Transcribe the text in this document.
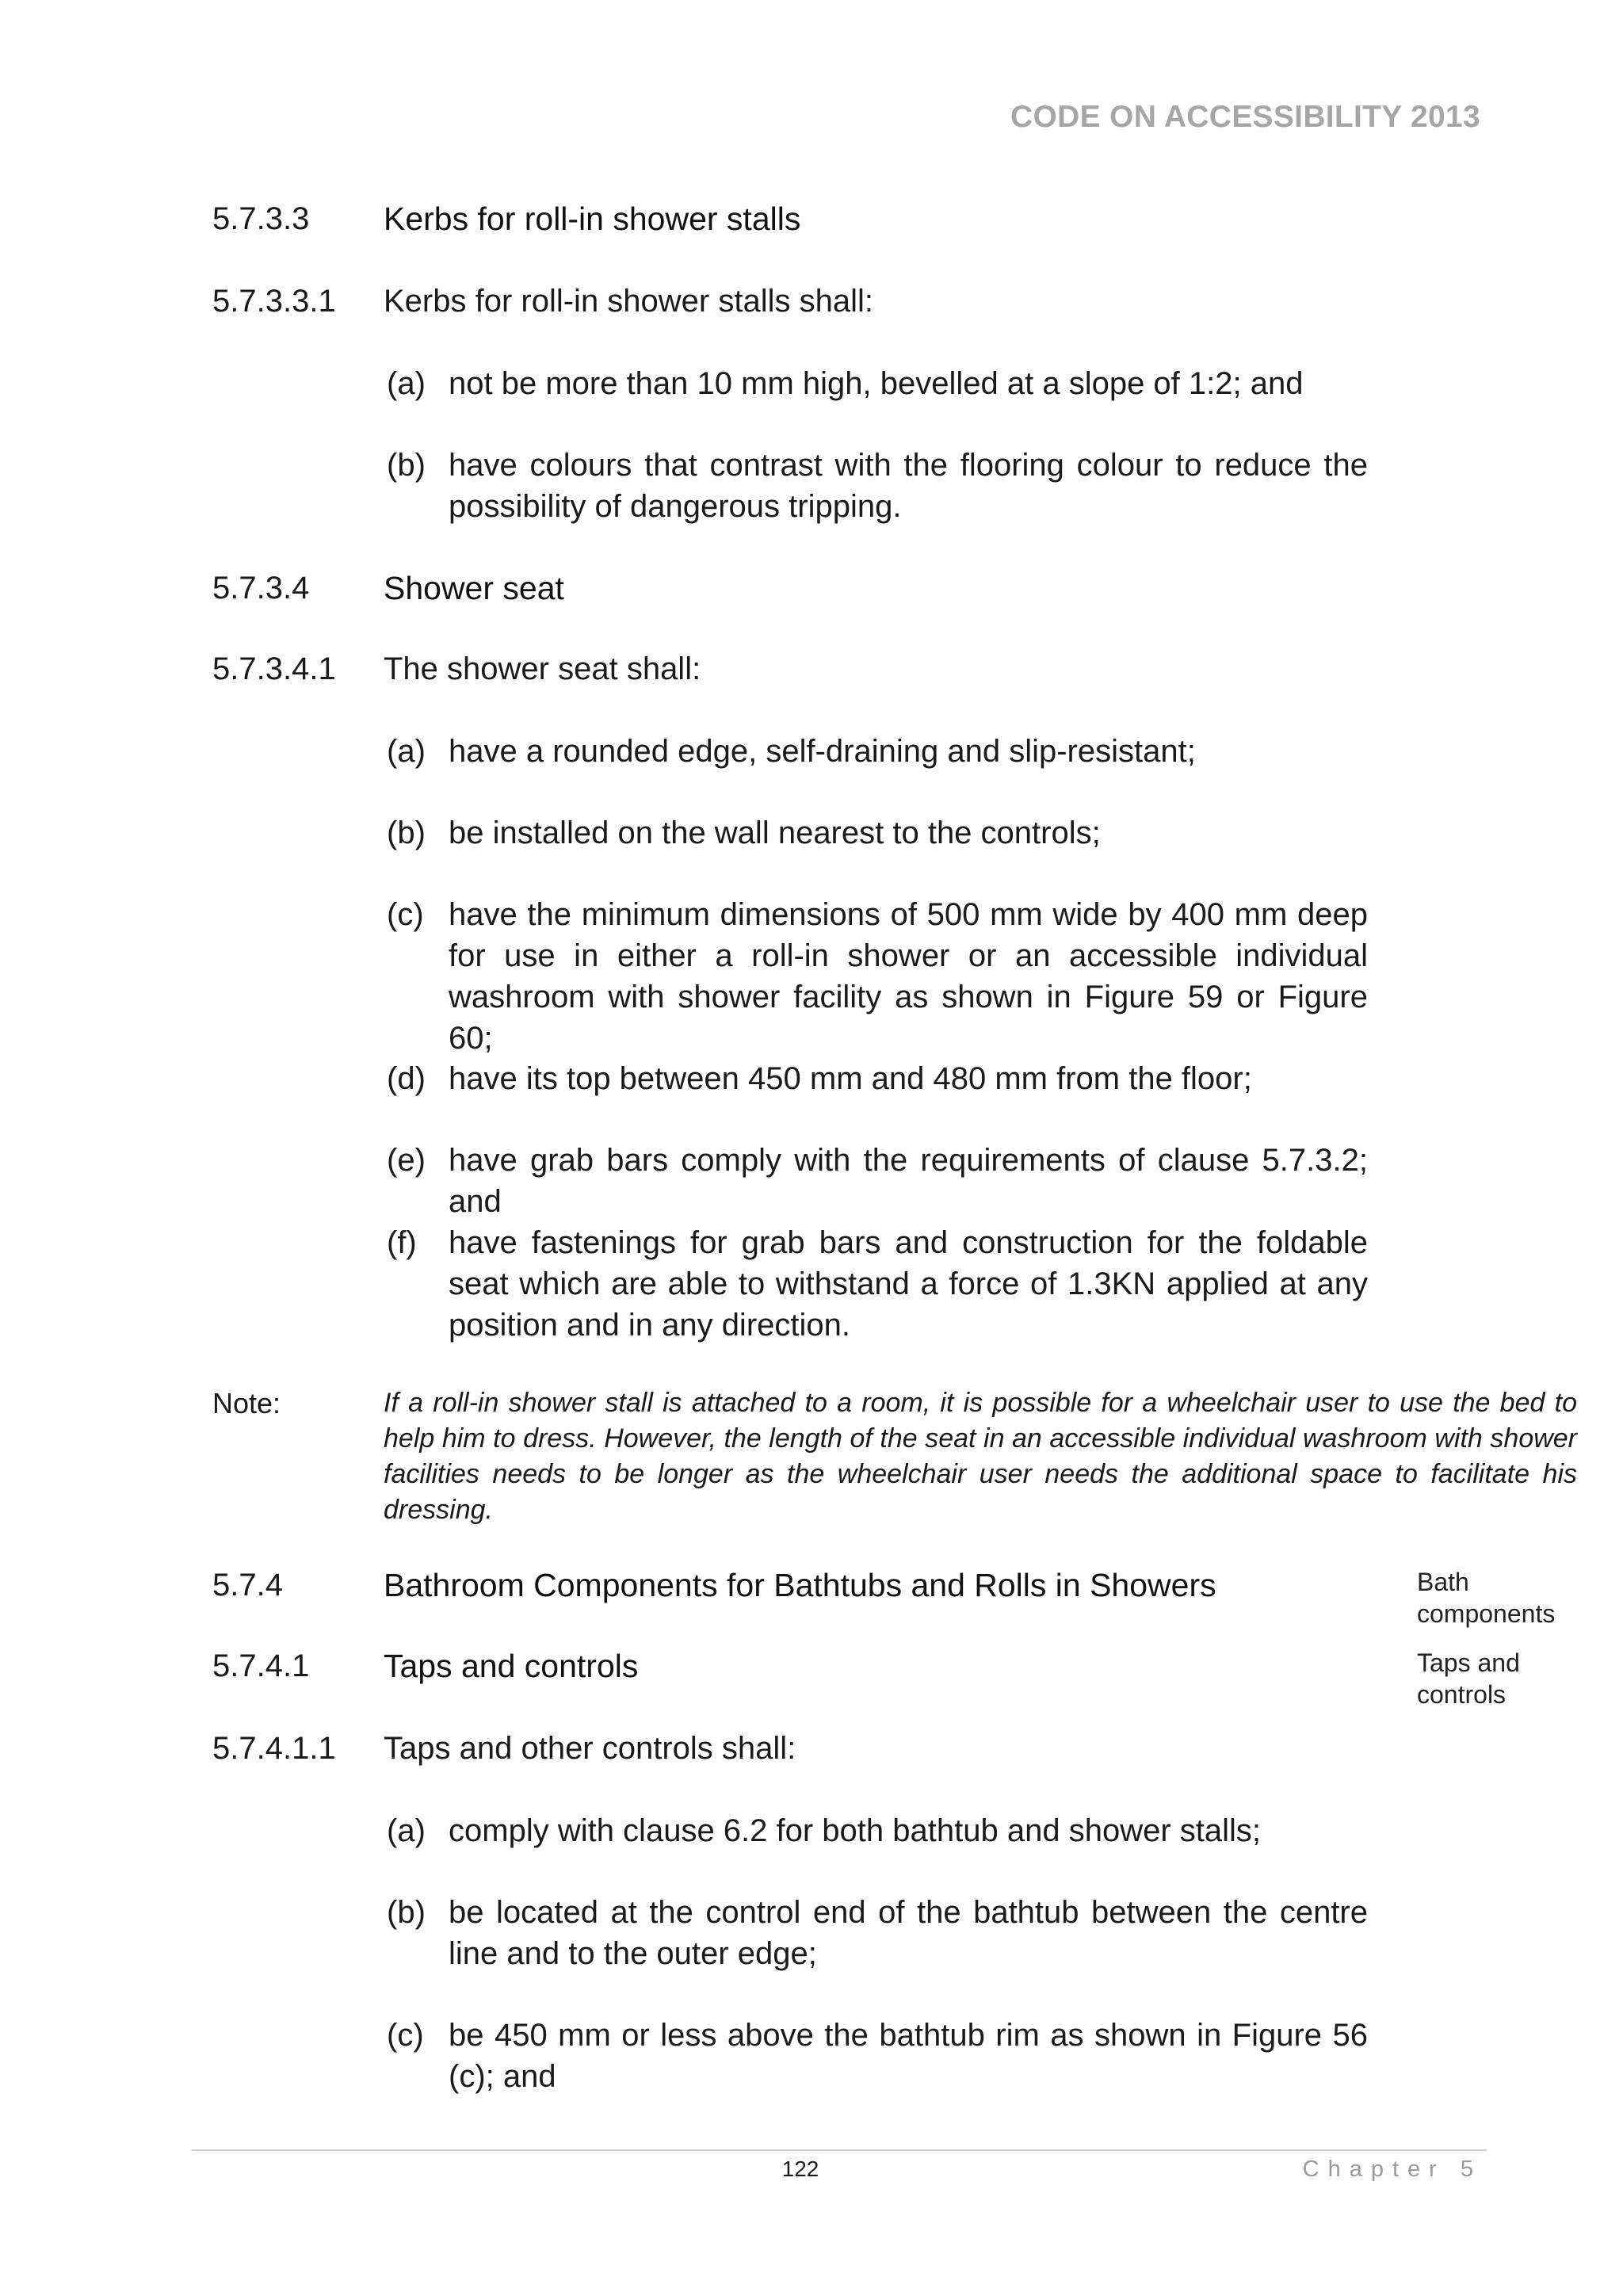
CODE ON ACCESSIBILITY 2013
5.7.3.3 Kerbs for roll-in shower stalls
5.7.3.3.1 Kerbs for roll-in shower stalls shall:
(a) not be more than 10 mm high, bevelled at a slope of 1:2; and
(b) have colours that contrast with the flooring colour to reduce the possibility of dangerous tripping.
5.7.3.4 Shower seat
5.7.3.4.1 The shower seat shall:
(a) have a rounded edge, self-draining and slip-resistant;
(b) be installed on the wall nearest to the controls;
(c) have the minimum dimensions of 500 mm wide by 400 mm deep for use in either a roll-in shower or an accessible individual washroom with shower facility as shown in Figure 59 or Figure 60;
(d) have its top between 450 mm and 480 mm from the floor;
(e) have grab bars comply with the requirements of clause 5.7.3.2; and
(f)	have fastenings for grab bars and construction for the foldable seat which are able to withstand a force of 1.3KN applied at any position and in any direction.
Note:	If a roll-in shower stall is attached to a room, it is possible for a wheelchair user to use the bed to help him to dress. However, the length of the seat in an accessible individual washroom with shower facilities needs to be longer as the wheelchair user needs the additional space to facilitate his dressing.
5.7.4	Bathroom Components for Bathtubs and Rolls in Showers	Bath components
5.7.4.1 Taps and controls	Taps and controls
5.7.4.1.1 Taps and other controls shall:
(a) comply with clause 6.2 for both bathtub and shower stalls;
(b) be located at the control end of the bathtub between the centre line and to the outer edge;
(c) be 450 mm or less above the bathtub rim as shown in Figure 56 (c); and
122	Chapter 5
